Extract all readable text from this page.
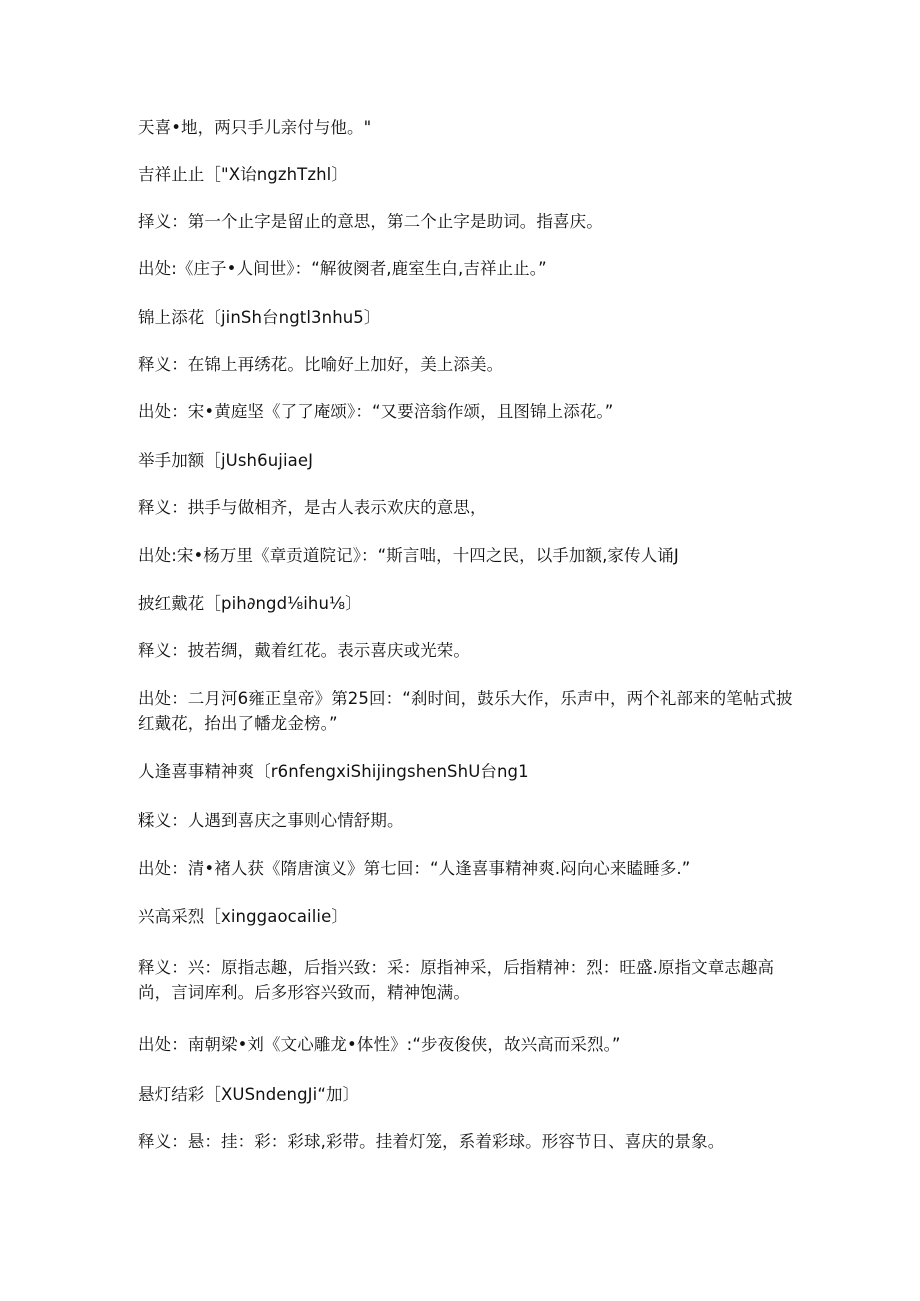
天喜•地，两只手儿亲付与他。"
吉祥止止［"X诒ngzhTzhl〕
择义：第一个止字是留止的意思，第二个止字是助词。指喜庆。
出处:《庄子•人间世》：“解彼阕者,鹿室生白,吉祥止止。”
锦上添花〔jinSh台ngtl3nhu5〕
释义：在锦上再绣花。比喻好上加好，美上添美。
出处：宋•黄庭坚《了了庵颂》：“又要涪翁作颂，且图锦上添花。”
举手加额［jUsh6ujiaeJ
释义：拱手与做相齐，是古人表示欢庆的意思，
出处:宋•杨万里《章贡道院记》：“斯言咄，十四之民，以手加额,家传人诵J
披红戴花［pih∂ngd⅛ihu⅛〕
释义：披若绸，戴着红花。表示喜庆或光荣。
出处：二月河6雍正皇帝》第25回：“刹时间，鼓乐大作，乐声中，两个礼部来的笔帖式披红戴花，抬出了幡龙金榜。”
人逢喜事精神爽〔r6nfengxiShijingshenShU台ng1
糅义：人遇到喜庆之事则心情舒期。
出处：清•褚人获《隋唐演义》第七回：“人逢喜事精神爽.闷向心来瞌睡多.”
兴高采烈［xinggaocailie〕
释义：兴：原指志趣，后指兴致：采：原指神采，后指精神：烈：旺盛.原指文章志趣高尚，言词库利。后多形容兴致而，精神饱满。
出处：南朝梁•刘《文心雕龙•体性》:“步夜俊侠，故兴高而采烈。”
悬灯结彩［XUSndengJi“加〕
释义：悬：挂：彩：彩球,彩带。挂着灯笼，系着彩球。形容节日、喜庆的景象。
